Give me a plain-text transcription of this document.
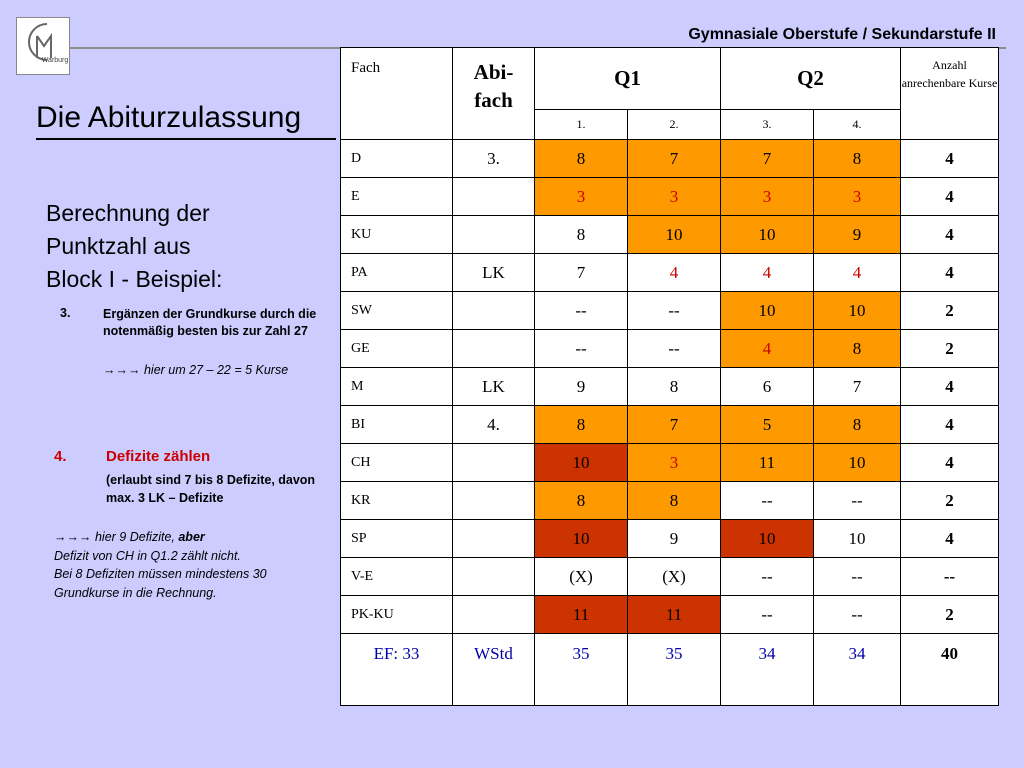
Warburg
Gymnasiale Oberstufe / Sekundarstufe II
Die Abiturzulassung
Berechnung der
Punktzahl aus
Block I - Beispiel:
3.	Ergänzen der Grundkurse durch die notenmäßig besten bis zur Zahl 27
→→→ hier um 27 – 22 = 5 Kurse
4.	Defizite zählen
(erlaubt sind 7 bis 8 Defizite, davon max. 3 LK – Defizite
→→→ hier 9 Defizite, aber
Defizit von CH in Q1.2 zählt nicht.
Bei 8 Defiziten müssen mindestens 30 Grundkurse in die Rechnung.
Fach	Abi-
fach	Q1		Q2		Anzahl anrechenbare Kurse
		1.	2.	3.	4.	
D	3.	8	7	7	8	4
E		3	3	3	3	4
KU		8	10	10	9	4
PA	LK	7	4	4	4	4
SW		--	--	10	10	2
GE		--	--	4	8	2
M	LK	9	8	6	7	4
BI	4.	8	7	5	8	4
CH		10	3	11	10	4
KR		8	8	--	--	2
SP		10	9	10	10	4
V-E		(X)	(X)	--	--	--
PK-KU		11	11	--	--	2
EF: 33	WStd	35	35	34	34	40
